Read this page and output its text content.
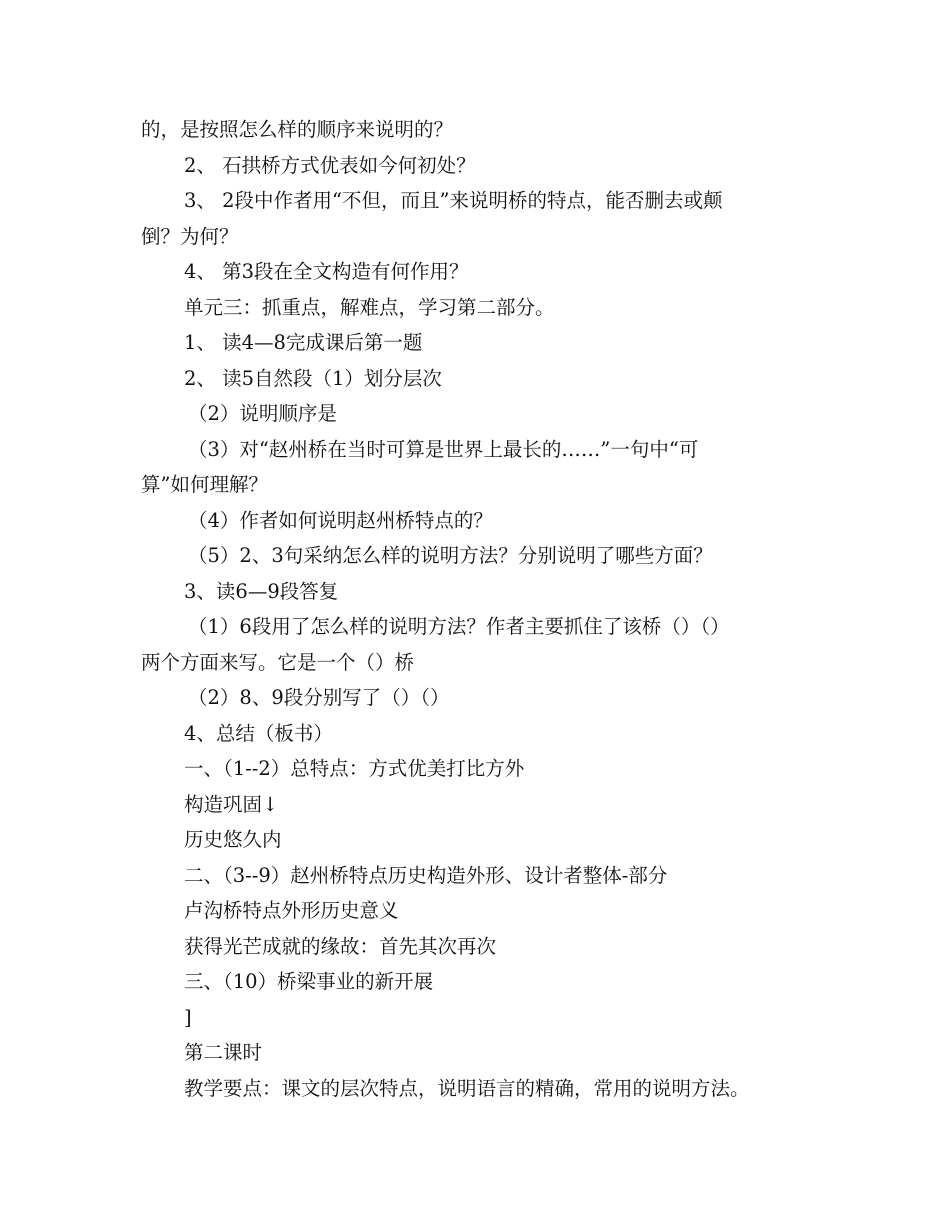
的，是按照怎么样的顺序来说明的？
2、 石拱桥方式优表如今何初处？
3、 2段中作者用“不但，而且”来说明桥的特点，能否删去或颠
倒？为何？
4、 第3段在全文构造有何作用？
单元三：抓重点，解难点，学习第二部分。
1、 读4—8完成课后第一题
2、 读5自然段（1）划分层次
（2）说明顺序是
（3）对“赵州桥在当时可算是世界上最长的……”一句中“可
算”如何理解？
（4）作者如何说明赵州桥特点的？
（5）2、3句采纳怎么样的说明方法？分别说明了哪些方面？
3、读6—9段答复
（1）6段用了怎么样的说明方法？作者主要抓住了该桥（）（）
两个方面来写。它是一个（）桥
（2）8、9段分别写了（）（）
4、总结（板书）
一、（1--2）总特点：方式优美打比方外
构造巩固↓
历史悠久内
二、（3--9）赵州桥特点历史构造外形、设计者整体-部分
卢沟桥特点外形历史意义
获得光芒成就的缘故：首先其次再次
三、（10）桥梁事业的新开展
]
第二课时
教学要点：课文的层次特点，说明语言的精确，常用的说明方法。
